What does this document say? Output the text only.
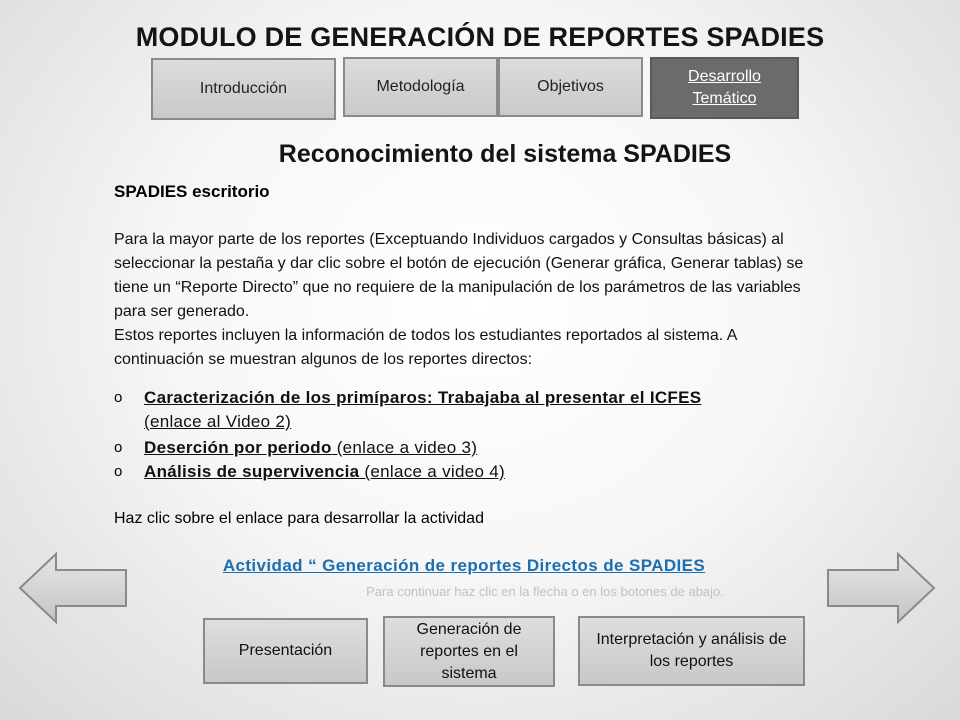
MODULO DE GENERACIÓN DE REPORTES SPADIES
Introducción	Metodología	Objetivos
Desarrollo Temático
Reconocimiento del sistema SPADIES
SPADIES escritorio

Para la mayor parte de los reportes (Exceptuando Individuos cargados y Consultas básicas) al seleccionar la pestaña y dar clic sobre el botón de ejecución (Generar gráfica, Generar tablas) se tiene un “Reporte Directo” que no requiere de la manipulación de los parámetros de las variables para ser generado.

Estos reportes incluyen la información de todos los estudiantes reportados al sistema. A continuación se muestran algunos de los reportes directos:

o Caracterización de los primíparos: Trabajaba al presentar el ICFES (enlace al Video 2)
o Deserción por periodo (enlace a video 3)
o Análisis de supervivencia (enlace a video 4)
Haz clic sobre el enlace para desarrollar la actividad
Actividad “ Generación de reportes Directos de SPADIES
Para continuar haz clic en la flecha o en los botones de abajo.
Presentación
Generación de reportes en el sistema
Interpretación y análisis de los reportes
